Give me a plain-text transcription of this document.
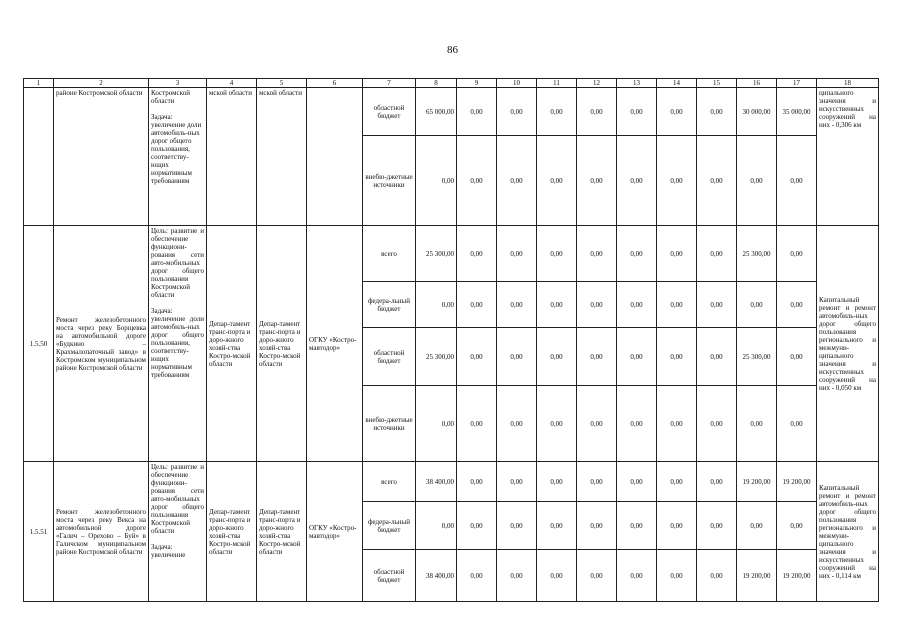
86
1	2	3	4	5	6	7	8	9	10	11	12	13	14	15	16	17	18
	районе Костромской области	Костромской области

Задача: увеличение доли автомобиль-ных дорог общего пользования, соответству-ющих нормативным требованиям	мской области	мской области		областной бюджет	65 000,00	0,00	0,00	0,00	0,00	0,00	0,00	0,00	30 000,00	35 000,00	ципального значения и искусственных сооружений на них - 0,306 км
						внебю-джетные источники	0,00	0,00	0,00	0,00	0,00	0,00	0,00	0,00	0,00	0,00	
1.5.50	Ремонт железобетонного моста через реку Борщевка на автомобильной дороге «Будкино – Крахмалопаточный завод» в Костромском муниципальном районе Костромской области	Цель: развитие и обеспечение функциони-рования сети авто-мобильных дорог общего пользования Костромской области

Задача: увеличение доли автомобиль-ных дорог общего пользования, соответству-ющих нормативным требованиям	Депар-тамент транс-порта и доро-жного хозяй-ства Костро-мской области	Депар-тамент транс-порта и доро-жного хозяй-ства Костро-мской области	ОГКУ «Костро-мавтодор»	всего	25 300,00	0,00	0,00	0,00	0,00	0,00	0,00	0,00	25 300,00	0,00	Капитальный ремонт и ремонт автомобиль-ных дорог общего пользования регионального и межмуни-ципального значения и искусственных сооружений на них - 0,050 км
						федера-льный бюджет	0,00	0,00	0,00	0,00	0,00	0,00	0,00	0,00	0,00	0,00	
						областной бюджет	25 300,00	0,00	0,00	0,00	0,00	0,00	0,00	0,00	25 300,00	0,00	
						внебю-джетные источники	0,00	0,00	0,00	0,00	0,00	0,00	0,00	0,00	0,00	0,00	
1.5.51	Ремонт железобетонного моста через реку Векса на автомобильной дороге «Галич – Орехово – Буй» в Галичском муниципальном районе Костромской области	Цель: развитие и обеспечение функциони-рования сети авто-мобильных дорог общего пользования Костромской области

Задача: увеличение	Депар-тамент транс-порта и доро-жного хозяй-ства Костро-мской области	Депар-тамент транс-порта и доро-жного хозяй-ства Костро-мской области	ОГКУ «Костро-мавтодор»	всего	38 400,00	0,00	0,00	0,00	0,00	0,00	0,00	0,00	19 200,00	19 200,00	Капитальный ремонт и ремонт автомобиль-ных дорог общего пользования регионального и межмуни-ципального значения и искусственных сооружений на них - 0,114 км
						федера-льный бюджет	0,00	0,00	0,00	0,00	0,00	0,00	0,00	0,00	0,00	0,00	
						областной бюджет	38 400,00	0,00	0,00	0,00	0,00	0,00	0,00	0,00	19 200,00	19 200,00	
